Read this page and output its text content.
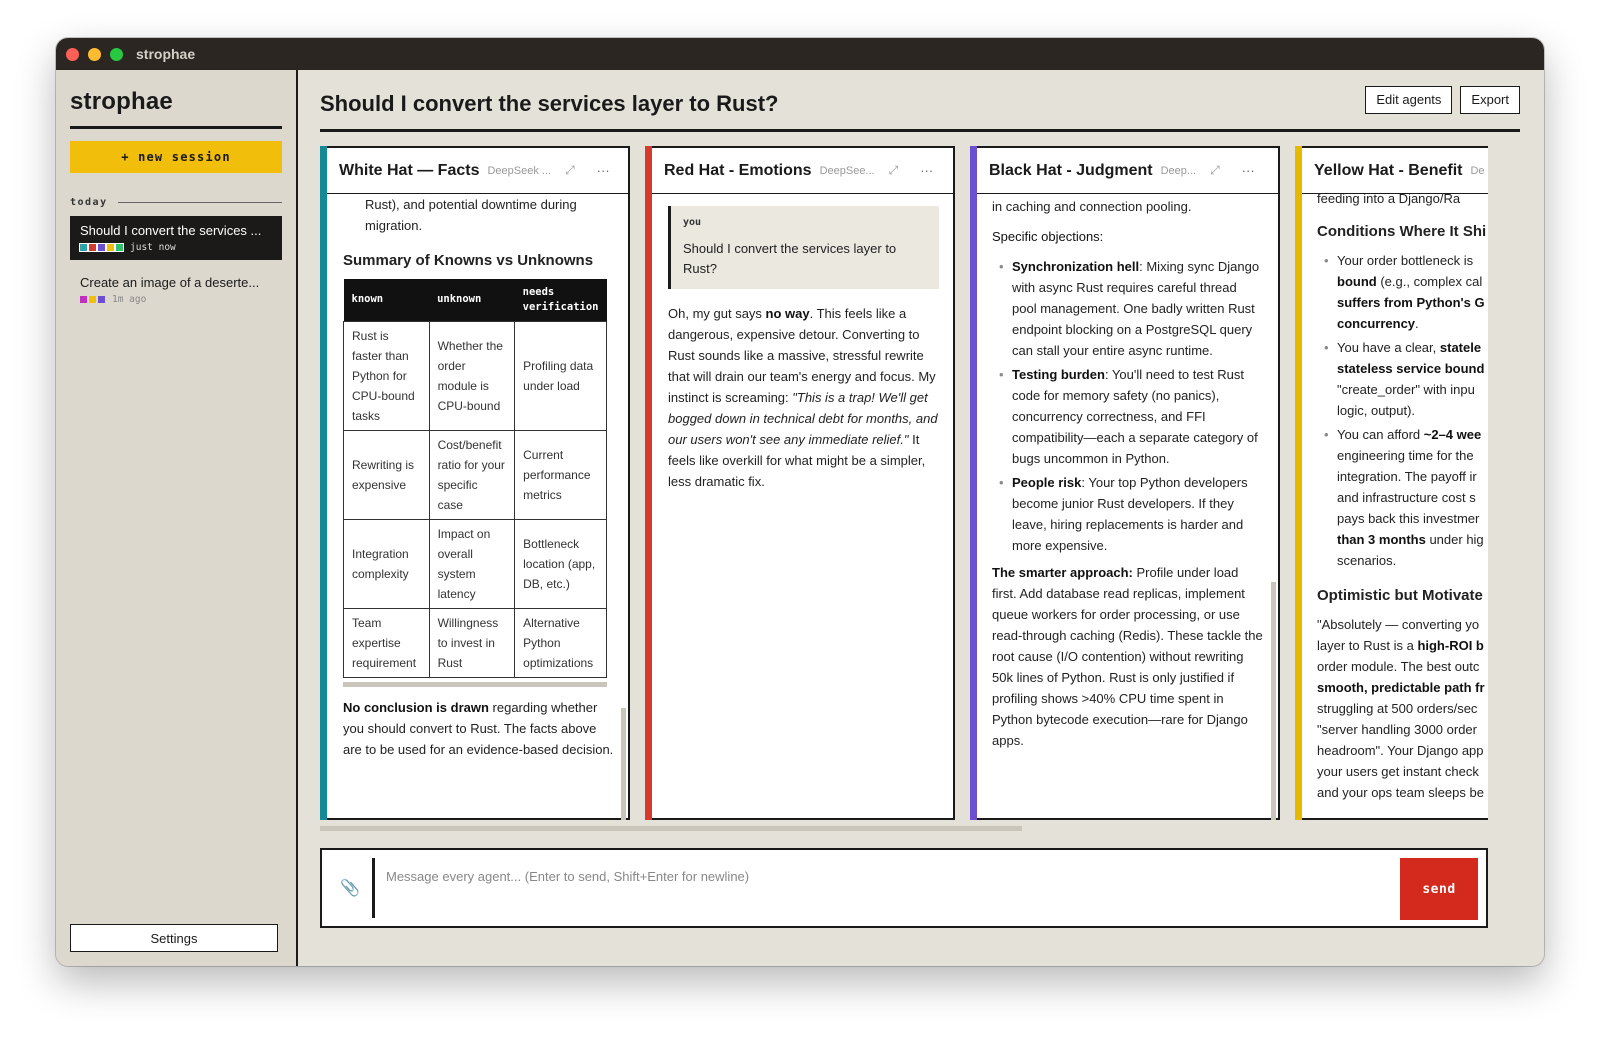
strophae
strophae
+ new session
today
Should I convert the services ...
just now
Create an image of a deserte...
1m ago
Settings
Should I convert the services layer to Rust?	Edit agents	Export
White Hat — Facts DeepSeek ... ⤢ ···

Rust), and potential downtime during migration.

Summary of Knowns vs Unknowns
known	unknown	needs verification
Rust is faster than Python for CPU-bound tasks	Whether the order module is CPU-bound	Profiling data under load
Rewriting is expensive	Cost/benefit ratio for your specific case	Current performance metrics
Integration complexity	Impact on overall system latency	Bottleneck location (app, DB, etc.)
Team expertise requirement	Willingness to invest in Rust	Alternative Python optimizations

No conclusion is drawn regarding whether you should convert to Rust. The facts above are to be used for an evidence-based decision.

Red Hat - Emotions DeepSee... ⤢ ···
you
Should I convert the services layer to Rust?

Oh, my gut says no way. This feels like a dangerous, expensive detour. Converting to Rust sounds like a massive, stressful rewrite that will drain our team's energy and focus. My instinct is screaming: "This is a trap! We'll get bogged down in technical debt for months, and our users won't see any immediate relief." It feels like overkill for what might be a simpler, less dramatic fix.

Black Hat - Judgment Deep... ⤢ ···

in caching and connection pooling.

Specific objections:

• Synchronization hell: Mixing sync Django with async Rust requires careful thread pool management. One badly written Rust endpoint blocking on a PostgreSQL query can stall your entire async runtime.
• Testing burden: You'll need to test Rust code for memory safety (no panics), concurrency correctness, and FFI compatibility—each a separate category of bugs uncommon in Python.
• People risk: Your top Python developers become junior Rust developers. If they leave, hiring replacements is harder and more expensive.

The smarter approach: Profile under load first. Add database read replicas, implement queue workers for order processing, or use read-through caching (Redis). These tackle the root cause (I/O contention) without rewriting 50k lines of Python. Rust is only justified if profiling shows >40% CPU time spent in Python bytecode execution—rare for Django apps.

Yellow Hat - Benefit De

feeding into a Django/Ra

Conditions Where It Shi
• Your order bottleneck is bound (e.g., complex cal suffers from Python's G concurrency.
• You have a clear, statele stateless service bound "create_order" with inpu logic, output).
• You can afford ~2–4 wee engineering time for the integration. The payoff ir and infrastructure cost s pays back this investmer than 3 months under hig scenarios.
Optimistic but Motivate

"Absolutely — converting yo layer to Rust is a high-ROI b order module. The best outc smooth, predictable path fr struggling at 500 orders/sec "server handling 3000 order headroom". Your Django app your users get instant check and your ops team sleeps be

📎
Message every agent... (Enter to send, Shift+Enter for newline)
send
